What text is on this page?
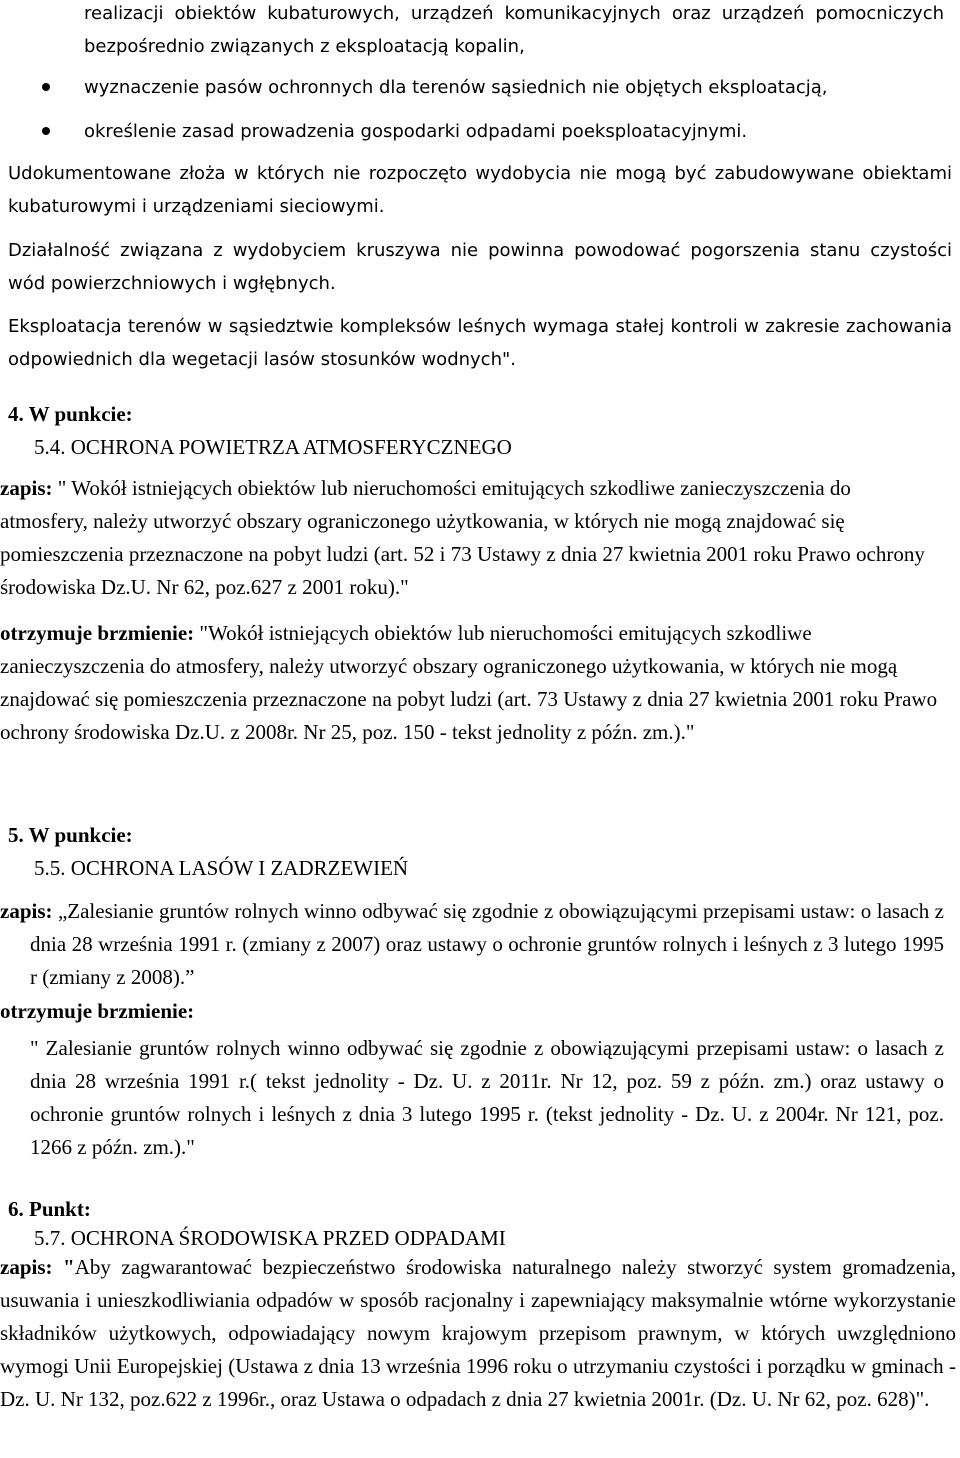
realizacji obiektów kubaturowych, urządzeń komunikacyjnych oraz urządzeń pomocniczych bezpośrednio związanych z eksploatacją kopalin,

wyznaczenie pasów ochronnych dla terenów sąsiednich nie objętych eksploatacją,
określenie zasad prowadzenia gospodarki odpadami poeksploatacyjnymi.

Udokumentowane złoża w których nie rozpoczęto wydobycia nie mogą być zabudowywane obiektami kubaturowymi i urządzeniami sieciowymi.

Działalność związana z wydobyciem kruszywa nie powinna powodować pogorszenia stanu czystości wód powierzchniowych i wgłębnych.

Eksploatacja terenów w sąsiedztwie kompleksów leśnych wymaga stałej kontroli w zakresie zachowania odpowiednich dla wegetacji lasów stosunków wodnych".

4. W punkcie:
5.4. OCHRONA POWIETRZA ATMOSFERYCZNEGO

zapis: " Wokół istniejących obiektów lub nieruchomości emitujących szkodliwe zanieczyszczenia do atmosfery, należy utworzyć obszary ograniczonego użytkowania, w których nie mogą znajdować się pomieszczenia przeznaczone na pobyt ludzi (art. 52 i 73 Ustawy z dnia 27 kwietnia 2001 roku Prawo ochrony środowiska Dz.U. Nr 62, poz.627 z 2001 roku)."

otrzymuje brzmienie: "Wokół istniejących obiektów lub nieruchomości emitujących szkodliwe zanieczyszczenia do atmosfery, należy utworzyć obszary ograniczonego użytkowania, w których nie mogą znajdować się pomieszczenia przeznaczone na pobyt ludzi (art. 73 Ustawy z dnia 27 kwietnia 2001 roku Prawo ochrony środowiska Dz.U. z 2008r. Nr 25, poz. 150 - tekst jednolity z późn. zm.)."

5. W punkcie:
5.5. OCHRONA LASÓW I ZADRZEWIEŃ

zapis: „Zalesianie gruntów rolnych winno odbywać się zgodnie z obowiązującymi przepisami ustaw: o lasach z dnia 28 września 1991 r. (zmiany z 2007) oraz ustawy o ochronie gruntów rolnych i leśnych z 3 lutego 1995 r (zmiany z 2008).”

otrzymuje brzmienie:

" Zalesianie gruntów rolnych winno odbywać się zgodnie z obowiązującymi przepisami ustaw: o lasach z dnia 28 września 1991 r.( tekst jednolity - Dz. U. z 2011r. Nr 12, poz. 59 z późn. zm.) oraz ustawy o ochronie gruntów rolnych i leśnych z dnia 3 lutego 1995 r. (tekst jednolity - Dz. U. z 2004r. Nr 121, poz. 1266 z późn. zm.)."

6. Punkt:
5.7. OCHRONA ŚRODOWISKA PRZED ODPADAMI

zapis: "Aby zagwarantować bezpieczeństwo środowiska naturalnego należy stworzyć system gromadzenia, usuwania i unieszkodliwiania odpadów w sposób racjonalny i zapewniający maksymalnie wtórne wykorzystanie składników użytkowych, odpowiadający nowym krajowym przepisom prawnym, w których uwzględniono wymogi Unii Europejskiej (Ustawa z dnia 13 września 1996 roku o utrzymaniu czystości i porządku w gminach - Dz. U. Nr 132, poz.622 z 1996r., oraz Ustawa o odpadach z dnia 27 kwietnia 2001r. (Dz. U. Nr 62, poz. 628)".
